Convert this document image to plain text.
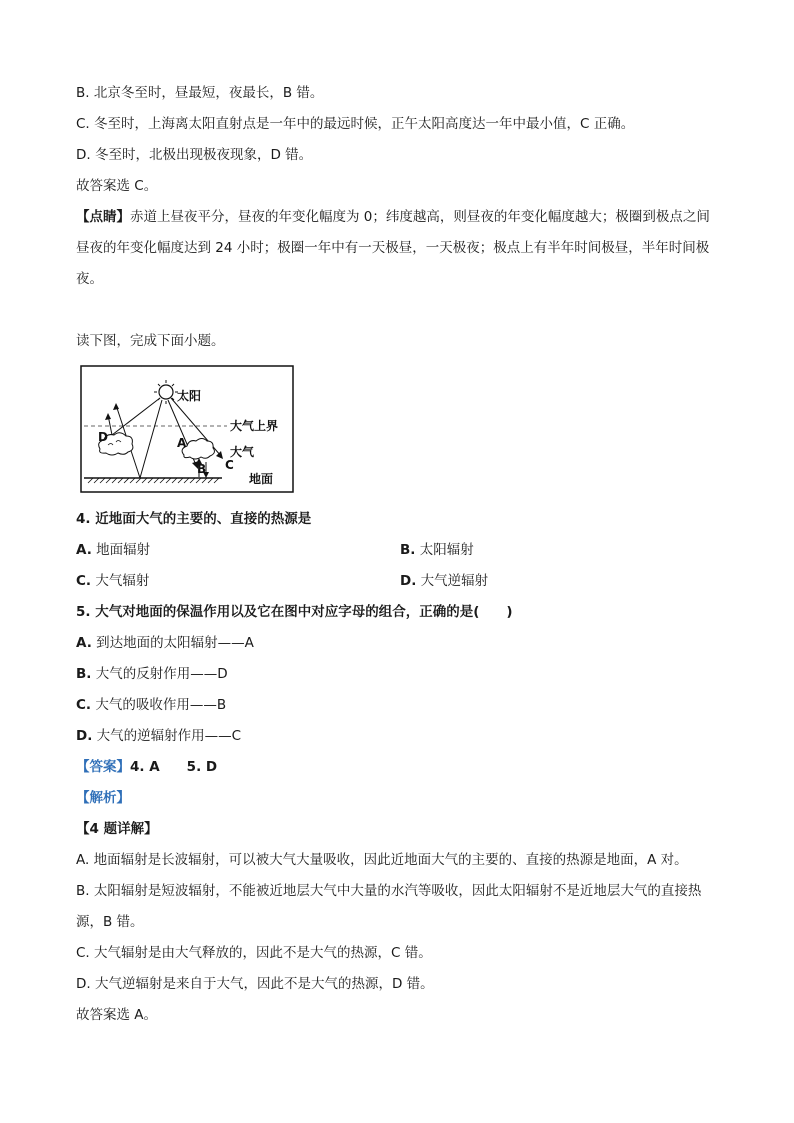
B. 北京冬至时，昼最短，夜最长，B 错。
C. 冬至时，上海离太阳直射点是一年中的最远时候，正午太阳高度达一年中最小值，C 正确。
D. 冬至时，北极出现极夜现象，D 错。
故答案选 C。
【点睛】赤道上昼夜平分，昼夜的年变化幅度为 0；纬度越高，则昼夜的年变化幅度越大；极圈到极点之间
昼夜的年变化幅度达到 24 小时；极圈一年中有一天极昼，一天极夜；极点上有半年时间极昼，半年时间极
夜。
读下图，完成下面小题。
太阳
大气上界
大气
地面
A
B C
D
4. 近地面大气的主要的、直接的热源是
A. 地面辐射	B. 太阳辐射
C. 大气辐射	D. 大气逆辐射
5. 大气对地面的保温作用以及它在图中对应字母的组合，正确的是(　　)
A. 到达地面的太阳辐射——A
B. 大气的反射作用——D
C. 大气的吸收作用——B
D. 大气的逆辐射作用——C
【答案】4. A　　5. D
【解析】
【4 题详解】
A. 地面辐射是长波辐射，可以被大气大量吸收，因此近地面大气的主要的、直接的热源是地面，A 对。
B. 太阳辐射是短波辐射，不能被近地层大气中大量的水汽等吸收，因此太阳辐射不是近地层大气的直接热
源，B 错。
C. 大气辐射是由大气释放的，因此不是大气的热源，C 错。
D. 大气逆辐射是来自于大气，因此不是大气的热源，D 错。
故答案选 A。
